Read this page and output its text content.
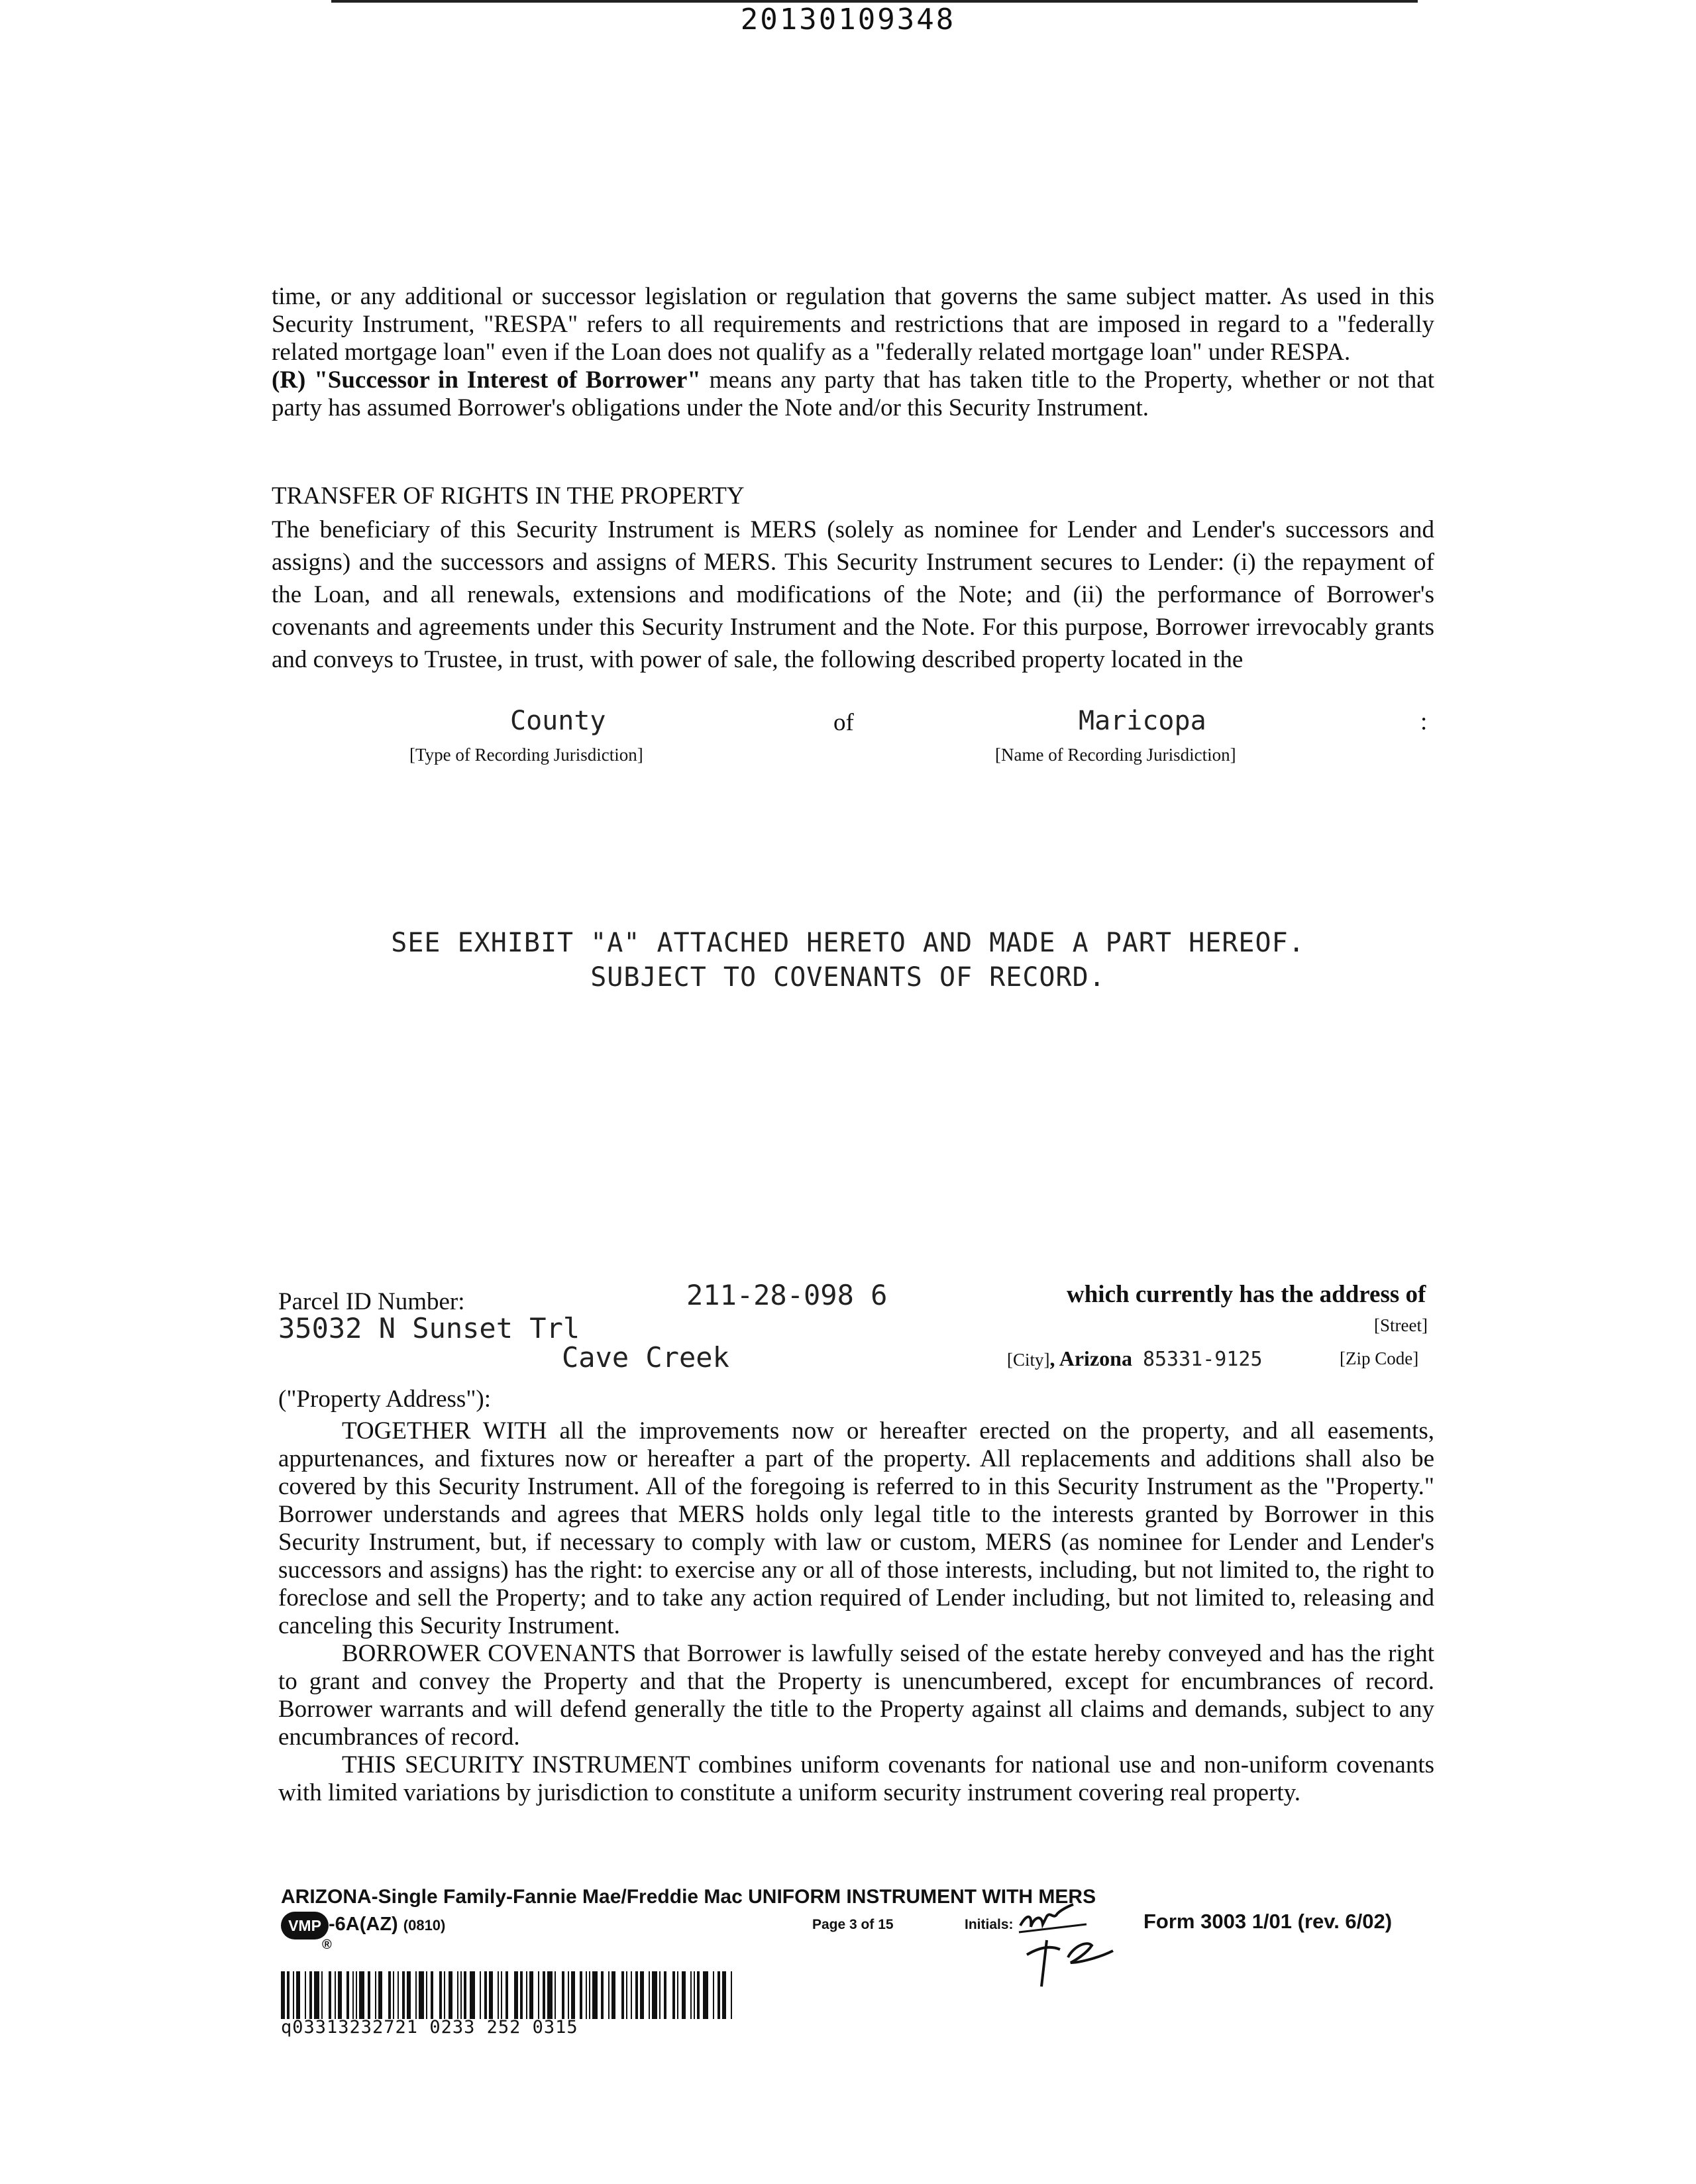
20130109348

time, or any additional or successor legislation or regulation that governs the same subject matter. As used in this Security Instrument, "RESPA" refers to all requirements and restrictions that are imposed in regard to a "federally related mortgage loan" even if the Loan does not qualify as a "federally related mortgage loan" under RESPA.

(R) "Successor in Interest of Borrower" means any party that has taken title to the Property, whether or not that party has assumed Borrower's obligations under the Note and/or this Security Instrument.

TRANSFER OF RIGHTS IN THE PROPERTY
The beneficiary of this Security Instrument is MERS (solely as nominee for Lender and Lender's successors and assigns) and the successors and assigns of MERS. This Security Instrument secures to Lender: (i) the repayment of the Loan, and all renewals, extensions and modifications of the Note; and (ii) the performance of Borrower's covenants and agreements under this Security Instrument and the Note. For this purpose, Borrower irrevocably grants and conveys to Trustee, in trust, with power of sale, the following described property located in the
County	of	Maricopa	:
[Type of Recording Jurisdiction]	[Name of Recording Jurisdiction]
SEE EXHIBIT "A" ATTACHED HERETO AND MADE A PART HEREOF.
SUBJECT TO COVENANTS OF RECORD.
Parcel ID Number:	211-28-098 6	which currently has the address of
35032 N Sunset Trl	[Street]
Cave Creek	[City], Arizona 85331-9125	[Zip Code]
("Property Address"):

TOGETHER WITH all the improvements now or hereafter erected on the property, and all easements, appurtenances, and fixtures now or hereafter a part of the property. All replacements and additions shall also be covered by this Security Instrument. All of the foregoing is referred to in this Security Instrument as the "Property." Borrower understands and agrees that MERS holds only legal title to the interests granted by Borrower in this Security Instrument, but, if necessary to comply with law or custom, MERS (as nominee for Lender and Lender's successors and assigns) has the right: to exercise any or all of those interests, including, but not limited to, the right to foreclose and sell the Property; and to take any action required of Lender including, but not limited to, releasing and canceling this Security Instrument.

BORROWER COVENANTS that Borrower is lawfully seised of the estate hereby conveyed and has the right to grant and convey the Property and that the Property is unencumbered, except for encumbrances of record. Borrower warrants and will defend generally the title to the Property against all claims and demands, subject to any encumbrances of record.

THIS SECURITY INSTRUMENT combines uniform covenants for national use and non-uniform covenants with limited variations by jurisdiction to constitute a uniform security instrument covering real property.

ARIZONA-Single Family-Fannie Mae/Freddie Mac UNIFORM INSTRUMENT WITH MERS
VMP
®
-6A(AZ) (0810)	Page 3 of 15	Initials:	Form 3003 1/01 (rev. 6/02)
q03313232721 0233 252 0315
